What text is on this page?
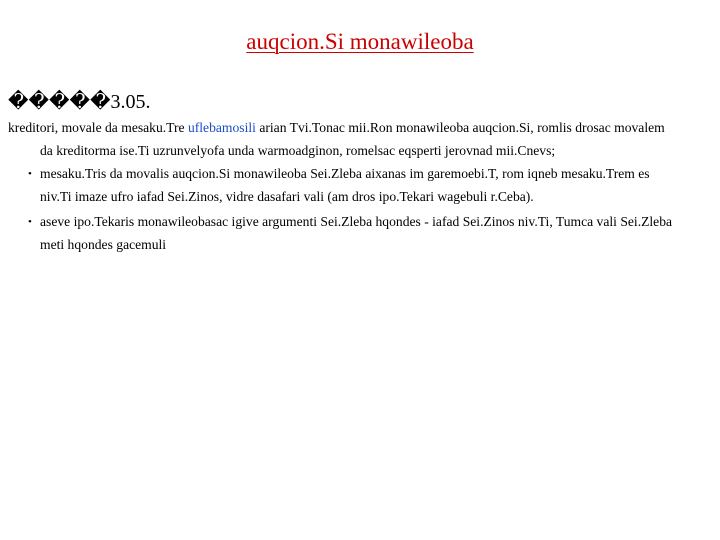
auqcion.Si monawileoba
�����3.05.

kreditori, movale da mesaku.Tre uflebamosili arian Tvi.Tonac mii.Ron monawileoba auqcion.Si, romlis drosac movalem da kreditorma ise.Ti uzrunvelyofa unda warmoadginon, romelsac eqsperti jerovnad mii.Cnevs;

• mesaku.Tris da movalis auqcion.Si monawileoba Sei.Zleba aixanas im garemoebi.T, rom iqneb mesaku.Trem es niv.Ti imaze ufro iafad Sei.Zinos, vidre dasafari vali (am dros ipo.Tekari wagebuli r.Ceba).
• aseve ipo.Tekaris monawileobasac igive argumenti Sei.Zleba hqondes - iafad Sei.Zinos niv.Ti, Tumca vali Sei.Zleba meti hqondes gacemuli
